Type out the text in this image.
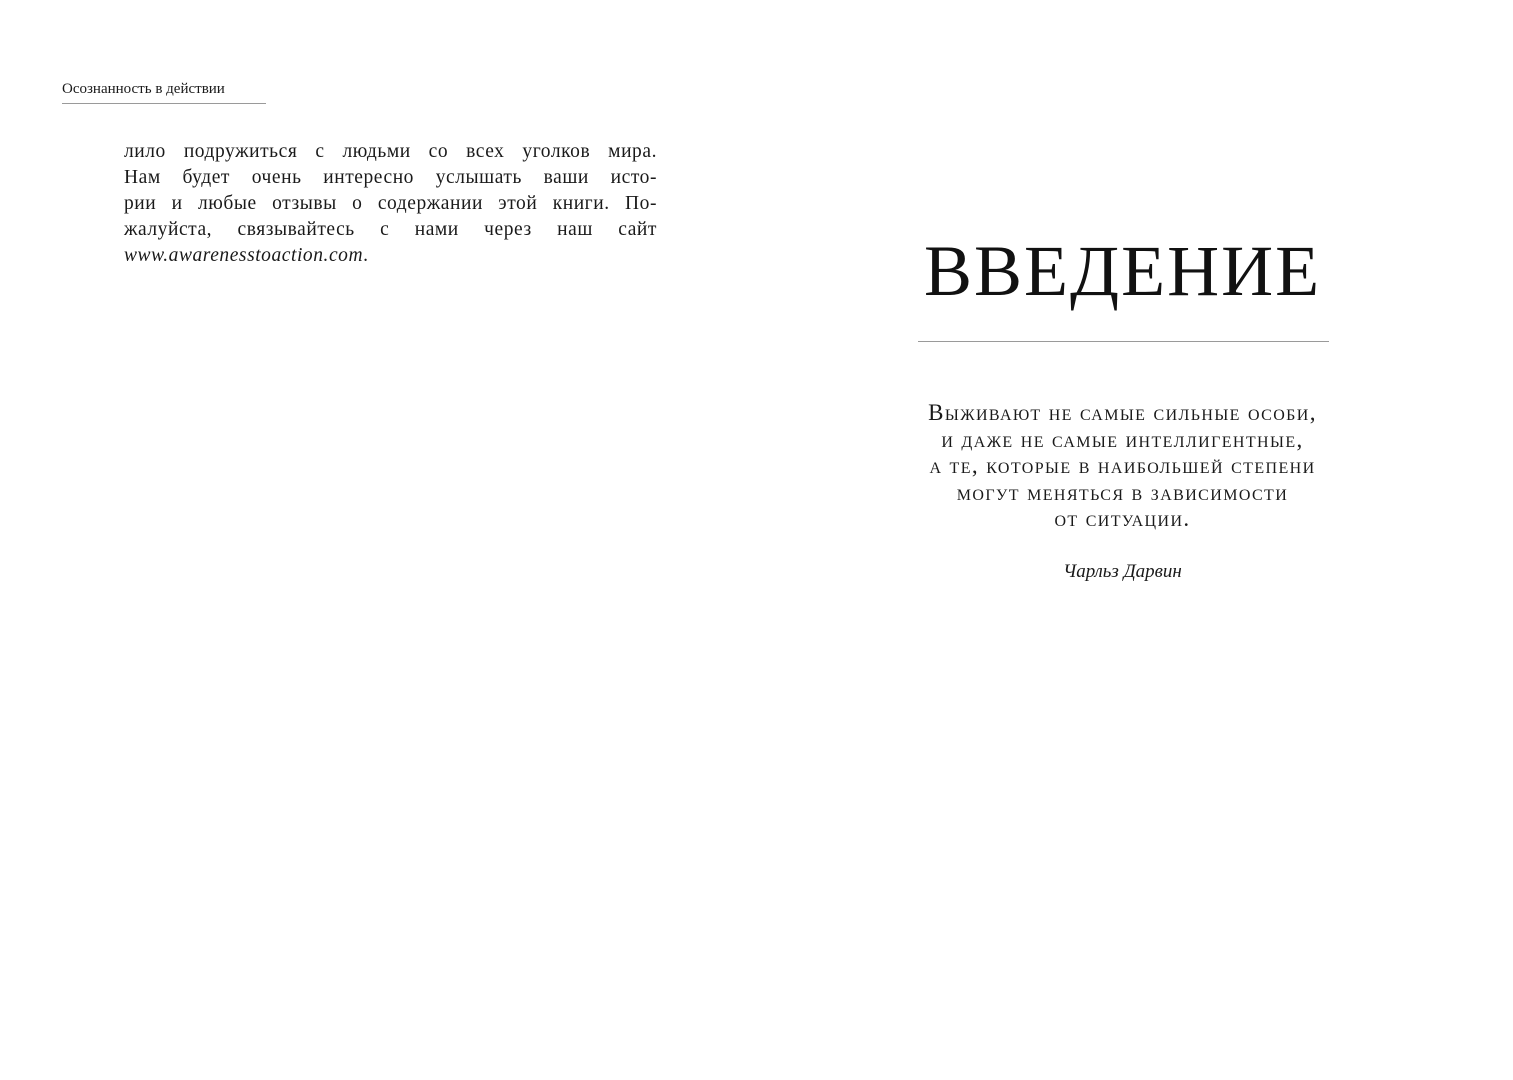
Осознанность в действии
лило подружиться с людьми со всех уголков мира.
Нам будет очень интересно услышать ваши исто-
рии и любые отзывы о содержании этой книги. По-
жалуйста, связывайтесь с нами через наш сайт
www.awarenesstoaction.com.	ВВЕДЕНИЕ
Выживают не самые сильные особи,
и даже не самые интеллигентные,
а те, которые в наибольшей степени
могут меняться в зависимости
от ситуации.
Чарльз Дарвин
